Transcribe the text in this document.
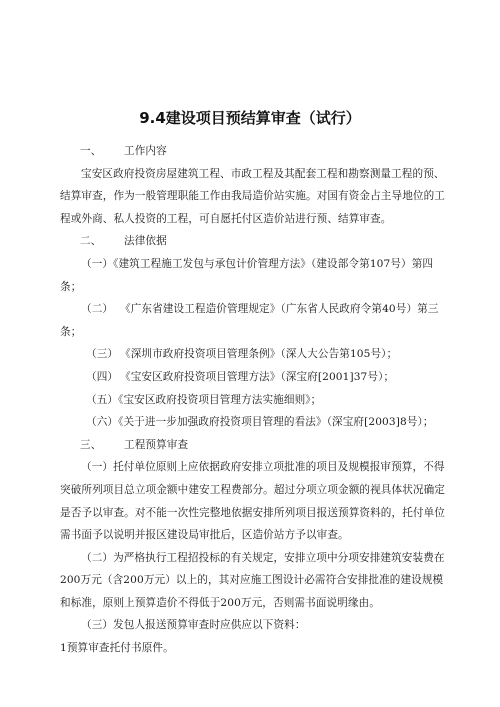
9.4建设项目预结算审查（试行）

一、 工作内容

宝安区政府投资房屋建筑工程、市政工程及其配套工程和勘察测量工程的预、结算审查，作为一般管理职能工作由我局造价站实施。对国有资金占主导地位的工程或外商、私人投资的工程，可自愿托付区造价站进行预、结算审查。

二、 法律依据

（一）《建筑工程施工发包与承包计价管理方法》（建设部令第107号）第四条；

（二） 《广东省建设工程造价管理规定》（广东省人民政府令第40号）第三条；

（三） 《深圳市政府投资项目管理条例》（深人大公告第105号）；

（四） 《宝安区政府投资项目管理方法》（深宝府[2001]37号）；

（五）《宝安区政府投资项目管理方法实施细则》；

（六）《关于进一步加强政府投资项目管理的看法》（深宝府[2003]8号）；

三、 工程预算审查

（一）托付单位原则上应依据政府安排立项批准的项目及规模报审预算，不得突破所列项目总立项金额中建安工程费部分。超过分项立项金额的视具体状况确定是否予以审查。对不能一次性完整地依据安排所列项目报送预算资料的，托付单位需书面予以说明并报区建设局审批后，区造价站方予以审查。

（二）为严格执行工程招投标的有关规定，安排立项中分项安排建筑安装费在200万元（含200万元）以上的，其对应施工图设计必需符合安排批准的建设规模和标准，原则上预算造价不得低于200万元，否则需书面说明缘由。

（三）发包人报送预算审查时应供应以下资料：

1预算审查托付书原件。
